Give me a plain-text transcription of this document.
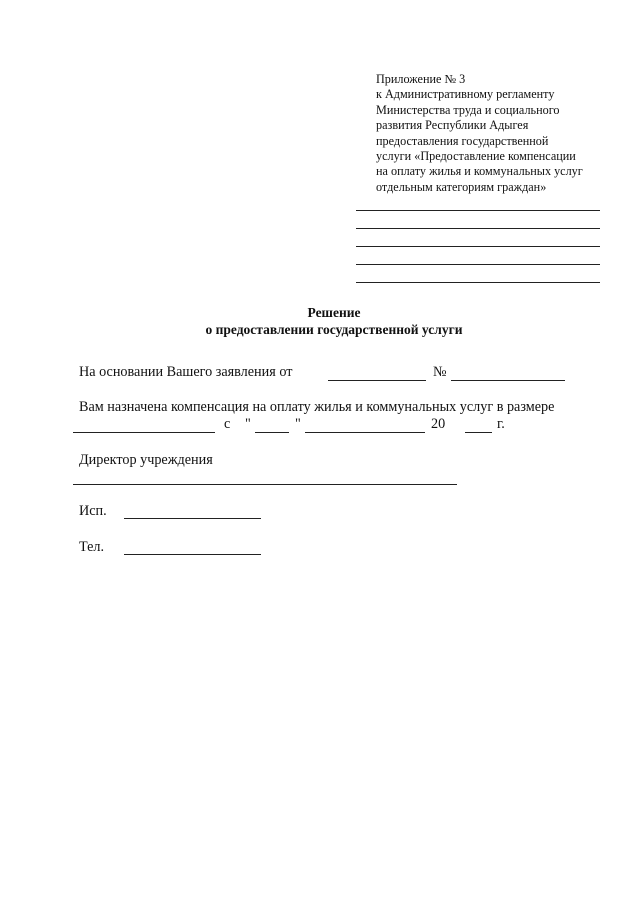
Приложение № 3
к Административному регламенту
Министерства труда и социального
развития Республики Адыгея
предоставления государственной
услуги «Предоставление компенсации
на оплату жилья и коммунальных услуг
отдельным категориям граждан»
Решение
о предоставлении государственной услуги
На основании Вашего заявления от	№
Вам назначена компенсация на оплату жилья и коммунальных услуг в размере
с "	"	20	г.
Директор учреждения
Исп.
Тел.
